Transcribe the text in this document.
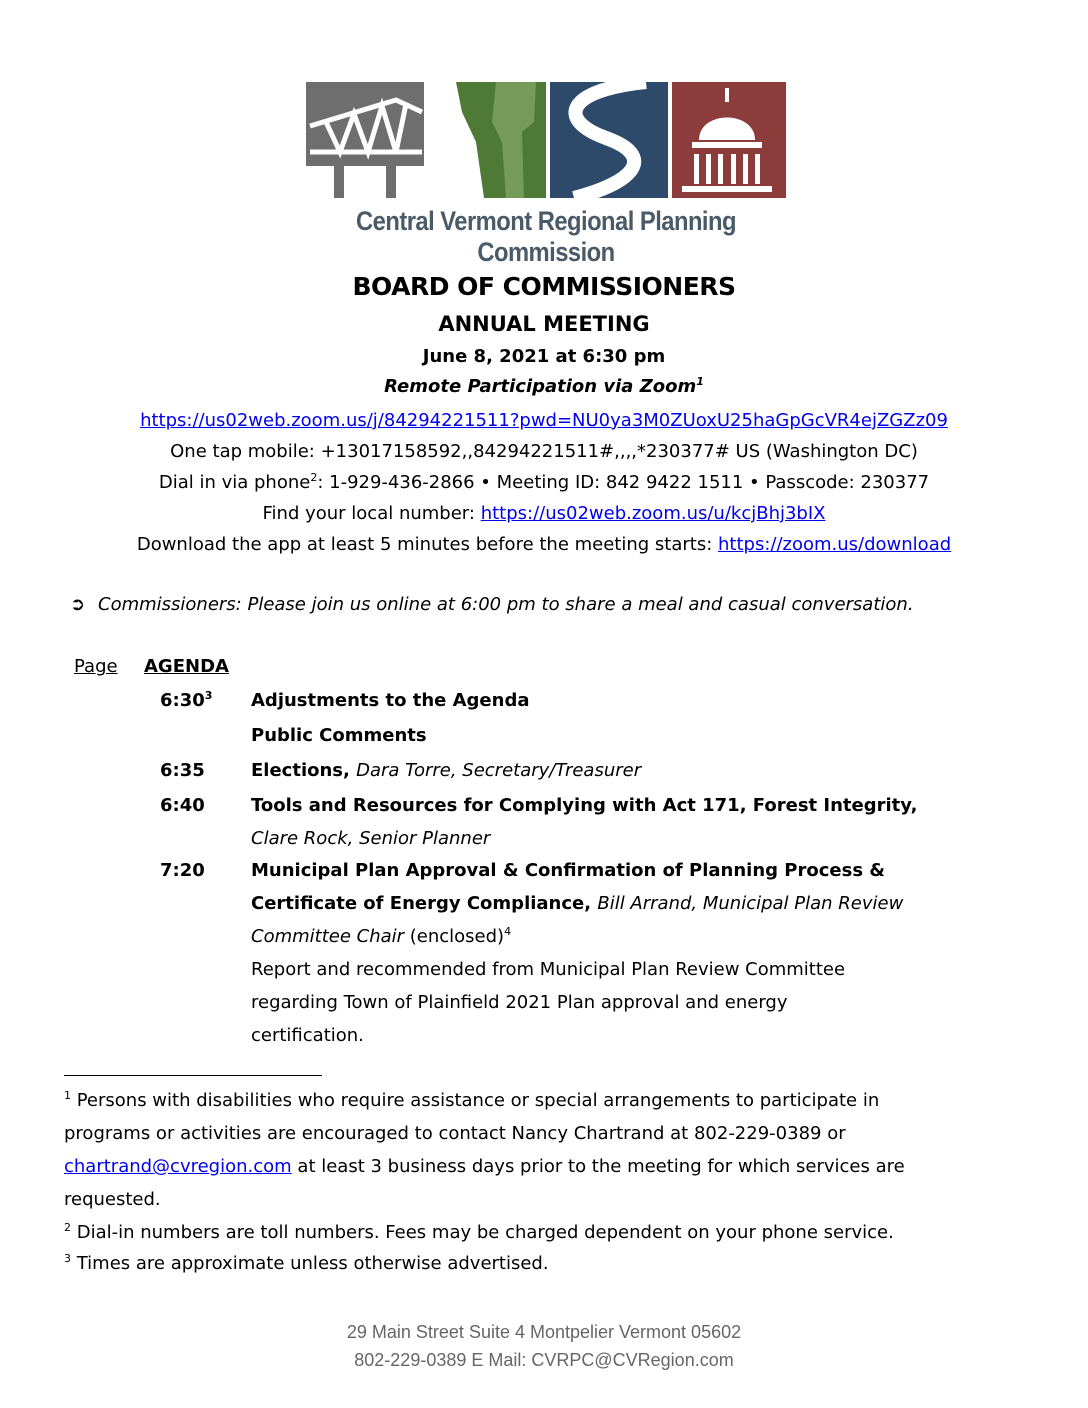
Central Vermont Regional Planning Commission
BOARD OF COMMISSIONERS
ANNUAL MEETING
June 8, 2021 at 6:30 pm
Remote Participation via Zoom$^1$
https://us02web.zoom.us/j/84294221511?pwd=NU0ya3M0ZUoxU25haGpGcVR4ejZGZz09
One tap mobile: +13017158592,,84294221511#,,,,*230377# US (Washington DC)
Dial in via phone$^2$: 1-929-436-2866 • Meeting ID: 842 9422 1511 • Passcode: 230377
Find your local number: https://us02web.zoom.us/u/kcjBhj3bIX
Download the app at least 5 minutes before the meeting starts: https://zoom.us/download
➲ Commissioners: Please join us online at 6:00 pm to share a meal and casual conversation.
Page AGENDA
$6:30^3$ Adjustments to the Agenda
Public Comments
6:35	Elections, Dara Torre, Secretary/Treasurer
6:40	Tools and Resources for Complying with Act 171, Forest Integrity,
Clare Rock, Senior Planner
7:20	Municipal Plan Approval & Confirmation of Planning Process &
Certificate of Energy Compliance, Bill Arrand, Municipal Plan Review
Committee Chair (enclosed)$^4$
Report and recommended from Municipal Plan Review Committee
regarding Town of Plainfield 2021 Plan approval and energy
certification.
$^1$ Persons with disabilities who require assistance or special arrangements to participate in
programs or activities are encouraged to contact Nancy Chartrand at 802-229-0389 or
chartrand@cvregion.com at least 3 business days prior to the meeting for which services are
requested.
$^2$ Dial-in numbers are toll numbers. Fees may be charged dependent on your phone service.
$^3$ Times are approximate unless otherwise advertised.
29 Main Street Suite 4 Montpelier Vermont 05602
802-229-0389 E Mail: CVRPC@CVRegion.com
